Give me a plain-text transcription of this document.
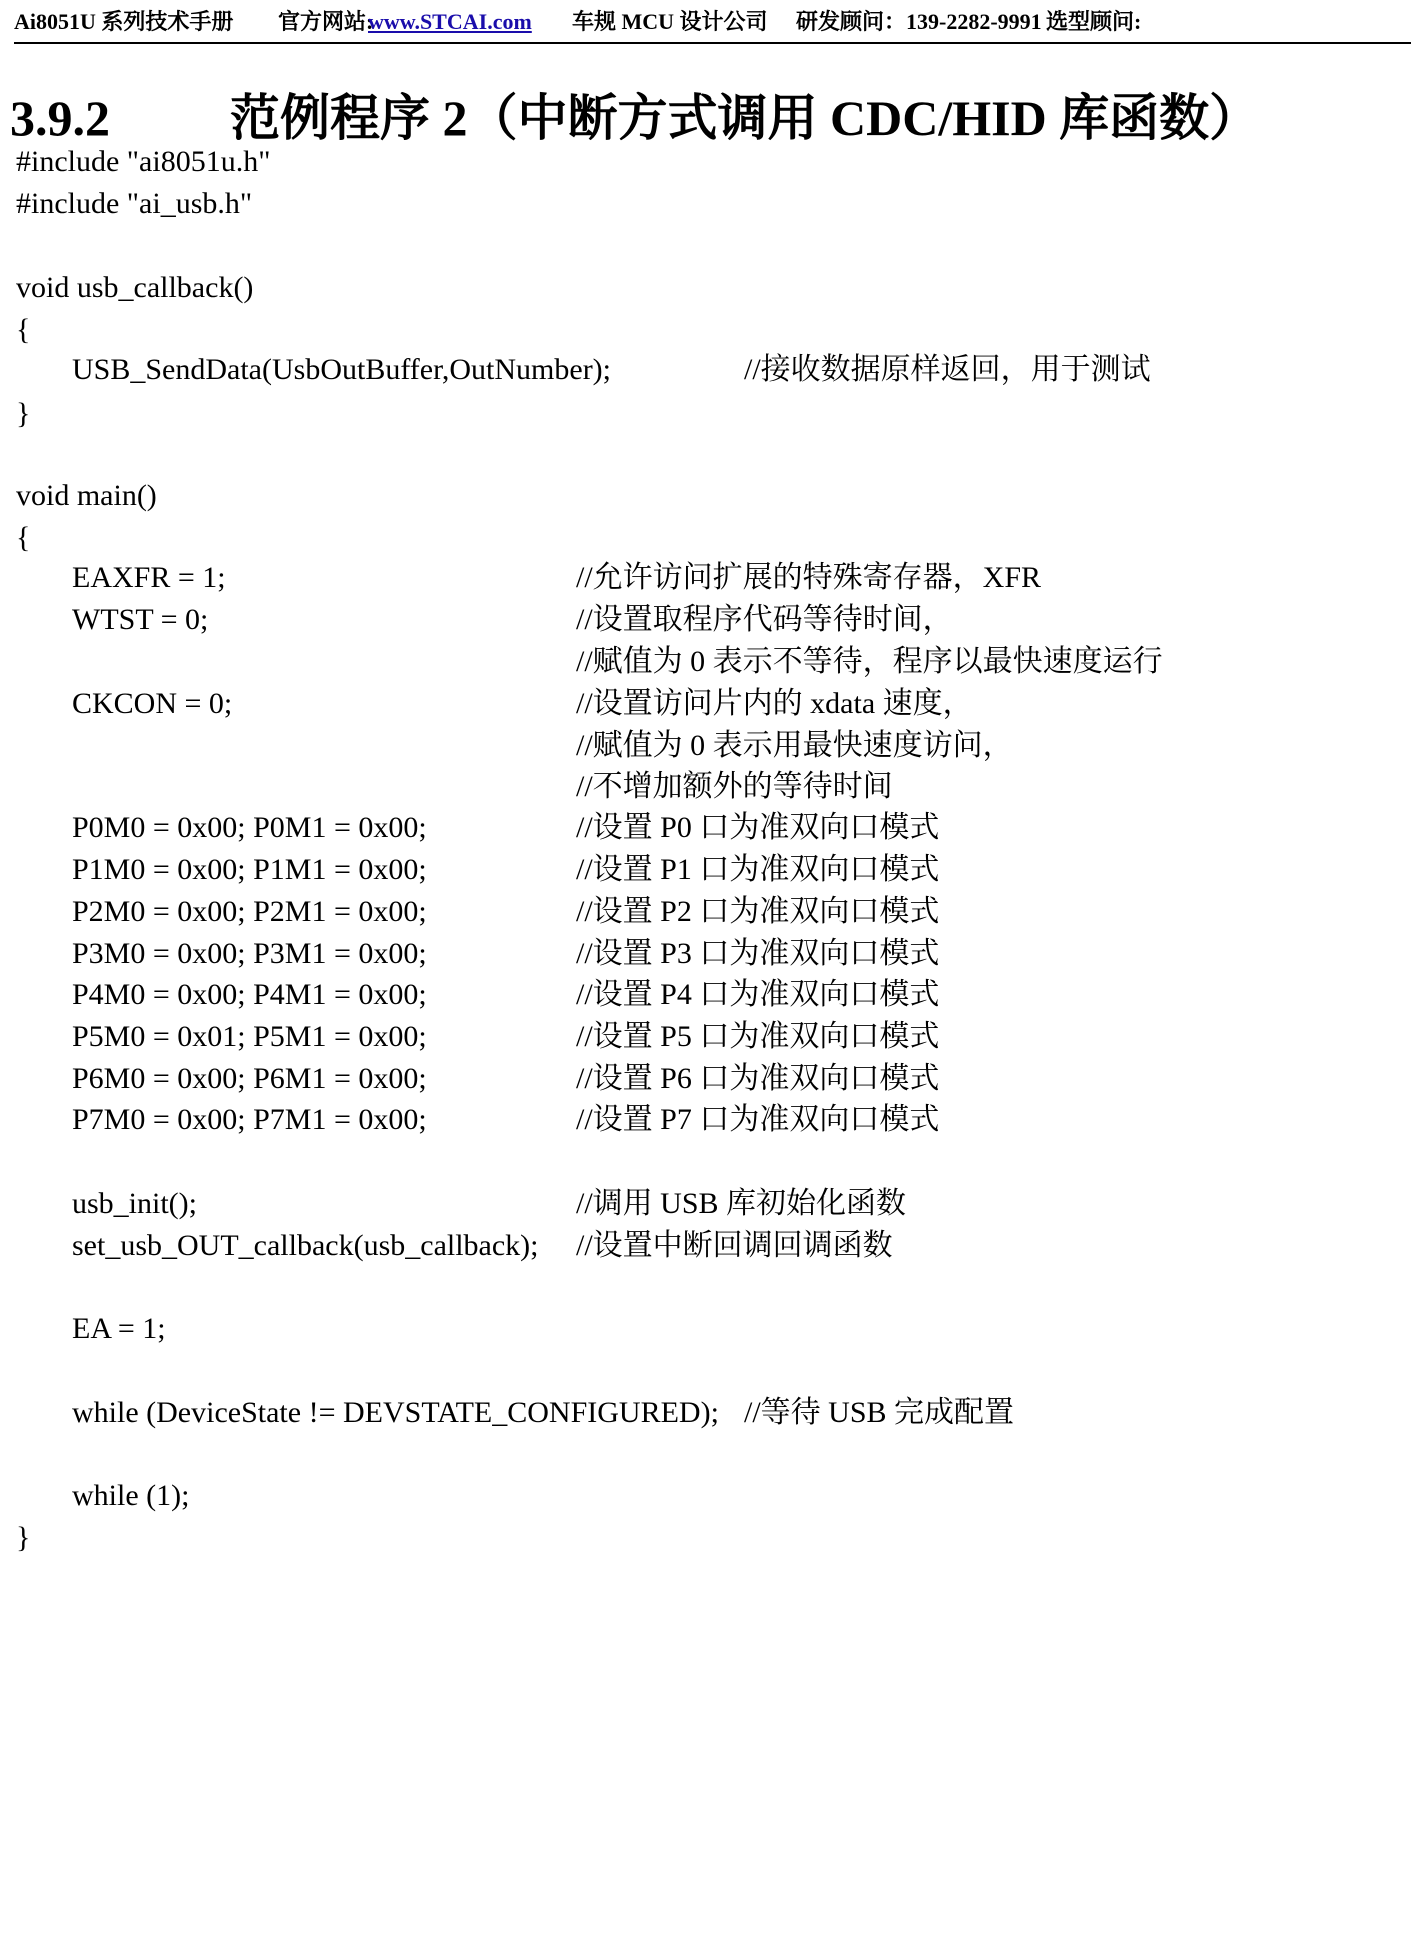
Ai8051U 系列技术手册 官方网站:
www.STCAI.com 车规 MCU 设计公司 研发顾问：139-2282-9991 选型顾问:
3.9.2 范例程序 2（中断方式调用 CDC/HID 库函数）
#include "ai8051u.h"
#include "ai_usb.h"
void usb_callback()
{
USB_SendData(UsbOutBuffer,OutNumber);	//接收数据原样返回，用于测试
}
void main()
{
EAXFR = 1;	//允许访问扩展的特殊寄存器，XFR
WTST = 0;	//设置取程序代码等待时间，
//赋值为 0 表示不等待，程序以最快速度运行
CKCON = 0;	//设置访问片内的 xdata 速度，
//赋值为 0 表示用最快速度访问，
//不增加额外的等待时间
P0M0 = 0x00; P0M1 = 0x00;	//设置 P0 口为准双向口模式
P1M0 = 0x00; P1M1 = 0x00;	//设置 P1 口为准双向口模式
P2M0 = 0x00; P2M1 = 0x00;	//设置 P2 口为准双向口模式
P3M0 = 0x00; P3M1 = 0x00;	//设置 P3 口为准双向口模式
P4M0 = 0x00; P4M1 = 0x00;	//设置 P4 口为准双向口模式
P5M0 = 0x01; P5M1 = 0x00;	//设置 P5 口为准双向口模式
P6M0 = 0x00; P6M1 = 0x00;	//设置 P6 口为准双向口模式
P7M0 = 0x00; P7M1 = 0x00;	//设置 P7 口为准双向口模式
usb_init();	//调用 USB 库初始化函数
set_usb_OUT_callback(usb_callback); //设置中断回调回调函数
EA = 1;
while (DeviceState != DEVSTATE_CONFIGURED); //等待 USB 完成配置
while (1);
}
